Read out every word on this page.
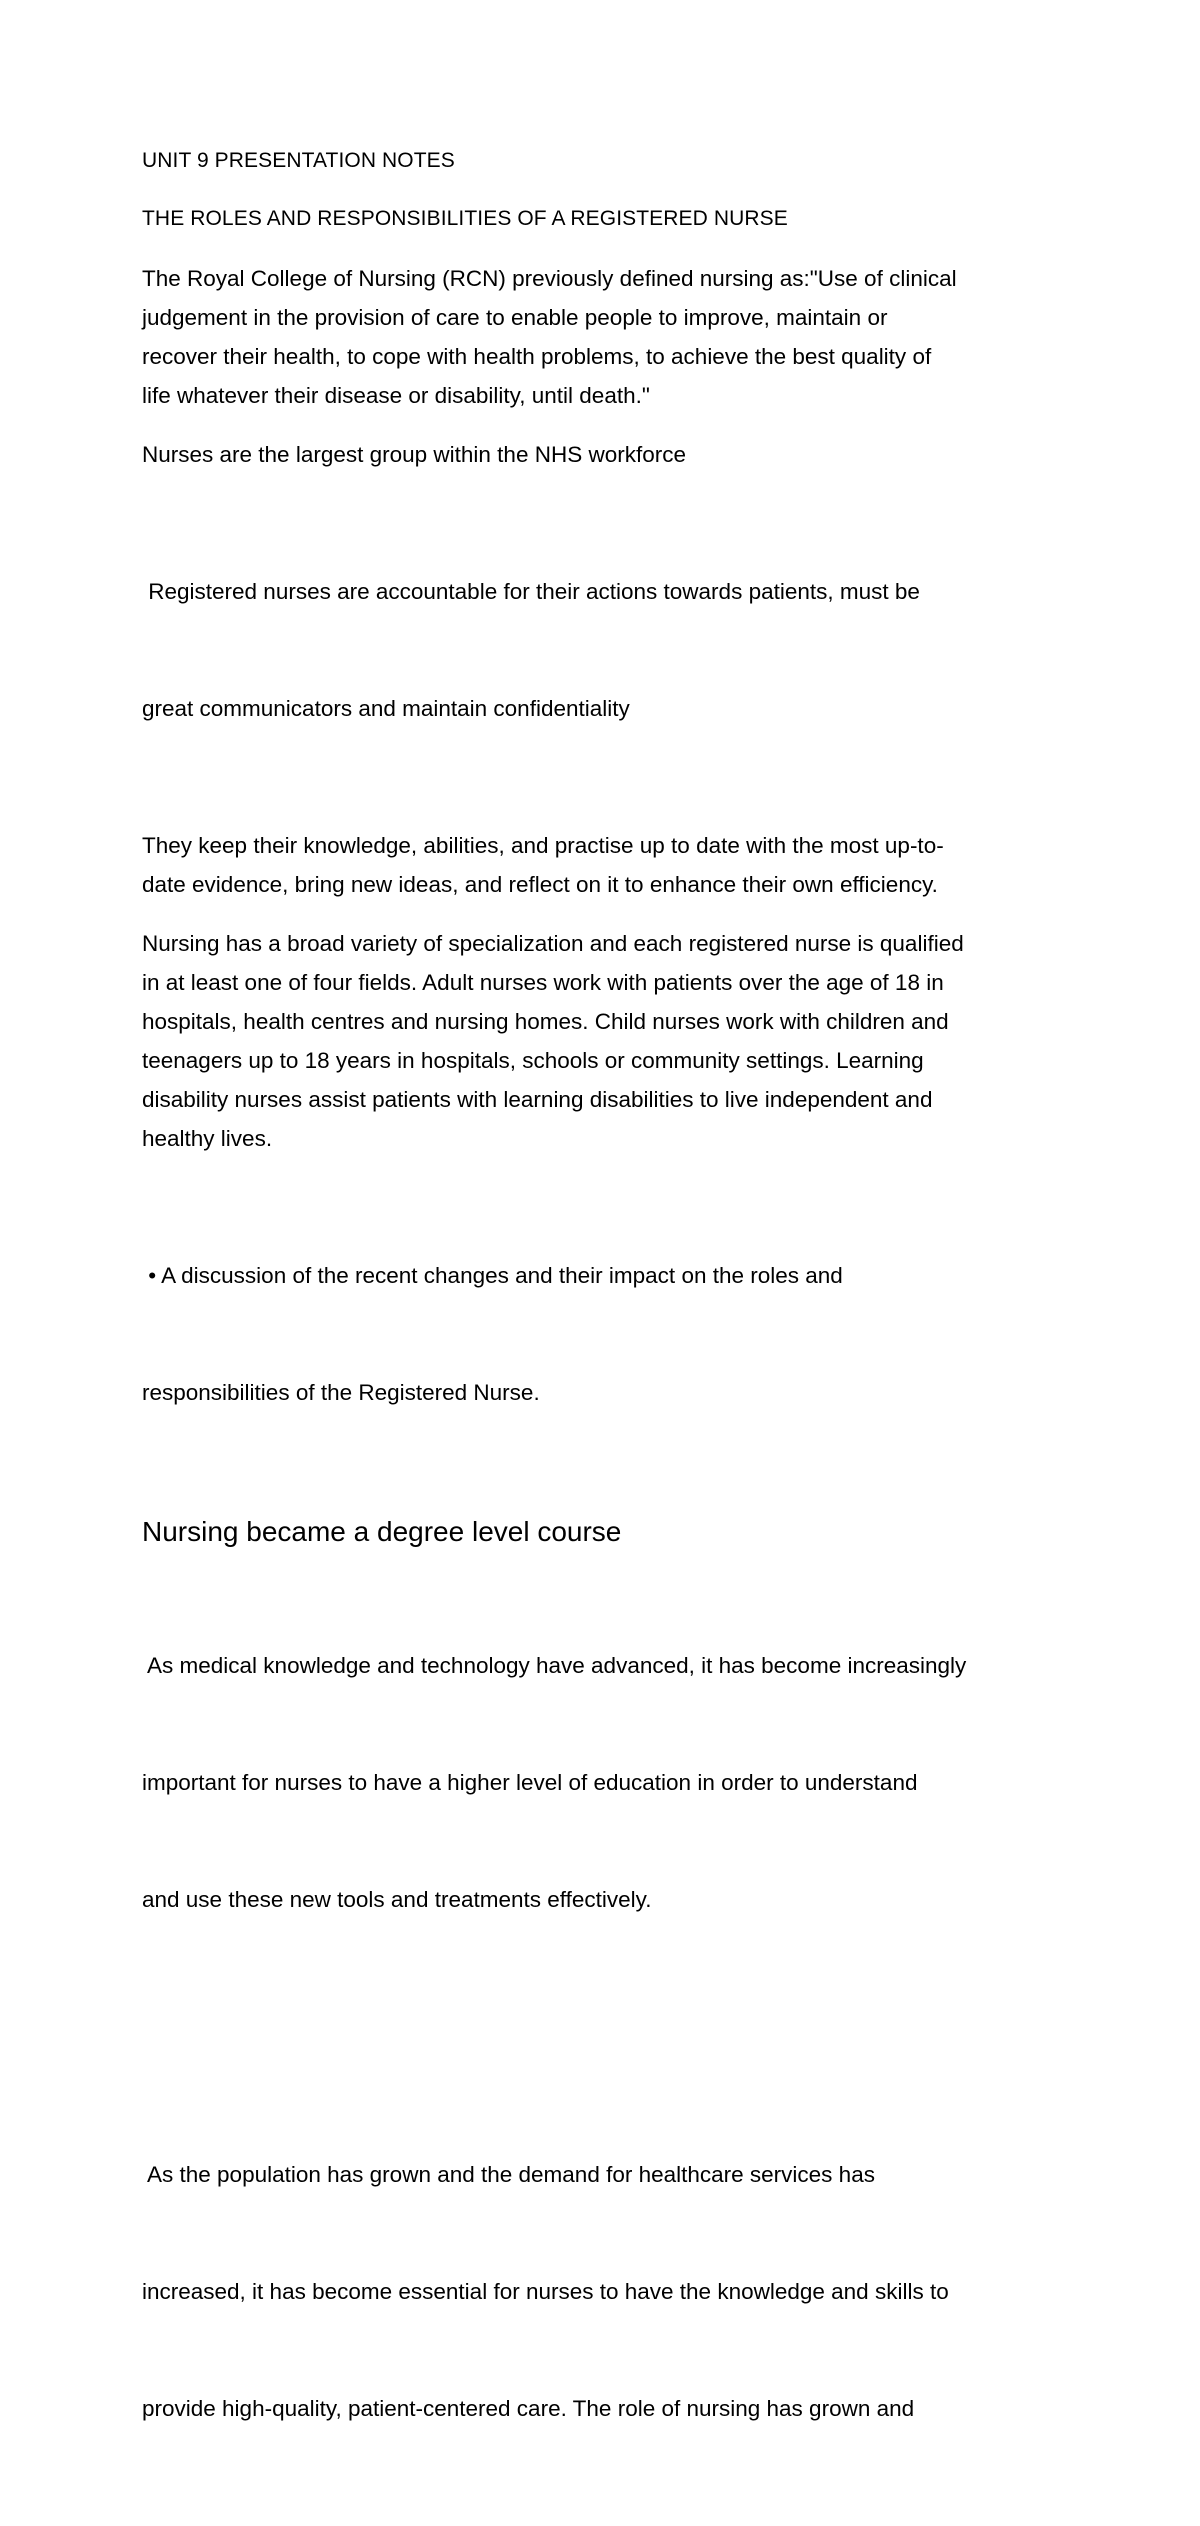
UNIT 9 PRESENTATION NOTES
THE ROLES AND RESPONSIBILITIES OF A REGISTERED NURSE
The Royal College of Nursing (RCN) previously defined nursing as:"Use of clinical
judgement in the provision of care to enable people to improve, maintain or
recover their health, to cope with health problems, to achieve the best quality of
life whatever their disease or disability, until death."
Nurses are the largest group within the NHS workforce

Registered nurses are accountable for their actions towards patients, must be

great communicators and maintain confidentiality

They keep their knowledge, abilities, and practise up to date with the most up-to-
date evidence, bring new ideas, and reflect on it to enhance their own efficiency.
Nursing has a broad variety of specialization and each registered nurse is qualified
in at least one of four fields. Adult nurses work with patients over the age of 18 in
hospitals, health centres and nursing homes. Child nurses work with children and
teenagers up to 18 years in hospitals, schools or community settings. Learning
disability nurses assist patients with learning disabilities to live independent and
healthy lives.

• A discussion of the recent changes and their impact on the roles and

responsibilities of the Registered Nurse.

Nursing became a degree level course

As medical knowledge and technology have advanced, it has become increasingly

important for nurses to have a higher level of education in order to understand

and use these new tools and treatments effectively.

As the population has grown and the demand for healthcare services has

increased, it has become essential for nurses to have the knowledge and skills to

provide high-quality, patient-centered care. The role of nursing has grown and
